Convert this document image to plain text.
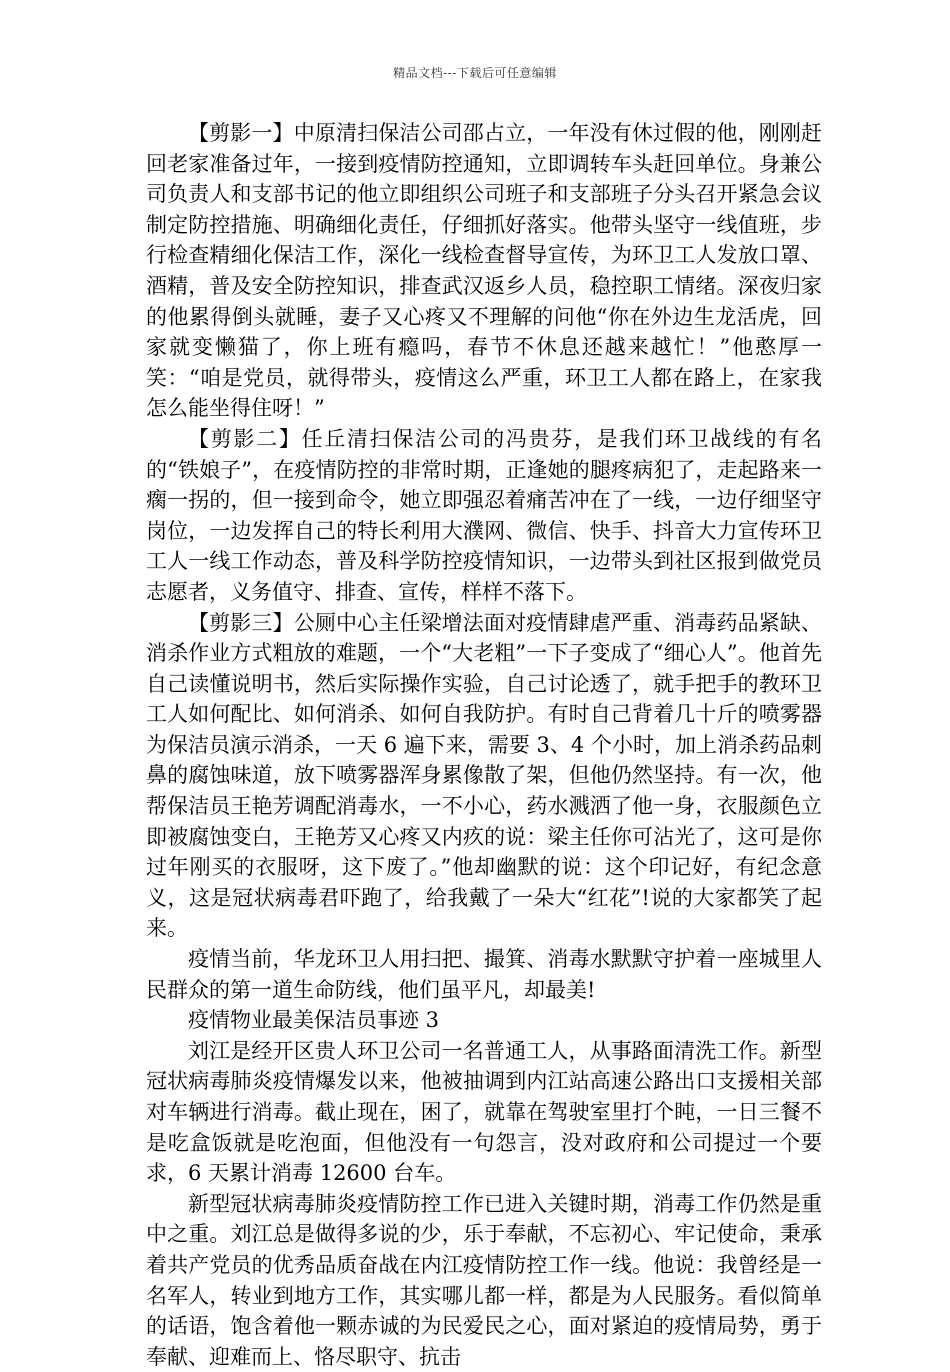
精品文档---下载后可任意编辑

【剪影一】中原清扫保洁公司邵占立，一年没有休过假的他，刚刚赶回老家准备过年，一接到疫情防控通知，立即调转车头赶回单位。身兼公司负责人和支部书记的他立即组织公司班子和支部班子分头召开紧急会议制定防控措施、明确细化责任，仔细抓好落实。他带头坚守一线值班，步行检查精细化保洁工作，深化一线检查督导宣传，为环卫工人发放口罩、酒精，普及安全防控知识，排查武汉返乡人员，稳控职工情绪。深夜归家的他累得倒头就睡，妻子又心疼又不理解的问他“你在外边生龙活虎，回家就变懒猫了，你上班有瘾吗，春节不休息还越来越忙！”他憨厚一笑：“咱是党员，就得带头，疫情这么严重，环卫工人都在路上，在家我怎么能坐得住呀！”

【剪影二】任丘清扫保洁公司的冯贵芬，是我们环卫战线的有名的“铁娘子”，在疫情防控的非常时期，正逢她的腿疼病犯了，走起路来一瘸一拐的，但一接到命令，她立即强忍着痛苦冲在了一线，一边仔细坚守岗位，一边发挥自己的特长利用大濮网、微信、快手、抖音大力宣传环卫工人一线工作动态，普及科学防控疫情知识，一边带头到社区报到做党员志愿者，义务值守、排查、宣传，样样不落下。

【剪影三】公厕中心主任梁增法面对疫情肆虐严重、消毒药品紧缺、消杀作业方式粗放的难题，一个“大老粗”一下子变成了“细心人”。他首先自己读懂说明书，然后实际操作实验，自己讨论透了，就手把手的教环卫工人如何配比、如何消杀、如何自我防护。有时自己背着几十斤的喷雾器为保洁员演示消杀，一天 6 遍下来，需要 3、4 个小时，加上消杀药品刺鼻的腐蚀味道，放下喷雾器浑身累像散了架，但他仍然坚持。有一次，他帮保洁员王艳芳调配消毒水，一不小心，药水溅洒了他一身，衣服颜色立即被腐蚀变白，王艳芳又心疼又内疚的说：梁主任你可沾光了，这可是你过年刚买的衣服呀，这下废了。”他却幽默的说：这个印记好，有纪念意义，这是冠状病毒君吓跑了，给我戴了一朵大“红花”!说的大家都笑了起来。

疫情当前，华龙环卫人用扫把、撮箕、消毒水默默守护着一座城里人民群众的第一道生命防线，他们虽平凡，却最美!

疫情物业最美保洁员事迹 3

刘江是经开区贵人环卫公司一名普通工人，从事路面清洗工作。新型冠状病毒肺炎疫情爆发以来，他被抽调到内江站高速公路出口支援相关部对车辆进行消毒。截止现在，困了，就靠在驾驶室里打个盹，一日三餐不是吃盒饭就是吃泡面，但他没有一句怨言，没对政府和公司提过一个要求，6 天累计消毒 12600 台车。

新型冠状病毒肺炎疫情防控工作已进入关键时期，消毒工作仍然是重中之重。刘江总是做得多说的少，乐于奉献，不忘初心、牢记使命，秉承着共产党员的优秀品质奋战在内江疫情防控工作一线。他说：我曾经是一名军人，转业到地方工作，其实哪儿都一样，都是为人民服务。看似简单的话语，饱含着他一颗赤诚的为民爱民之心，面对紧迫的疫情局势，勇于奉献、迎难而上、恪尽职守、抗击
